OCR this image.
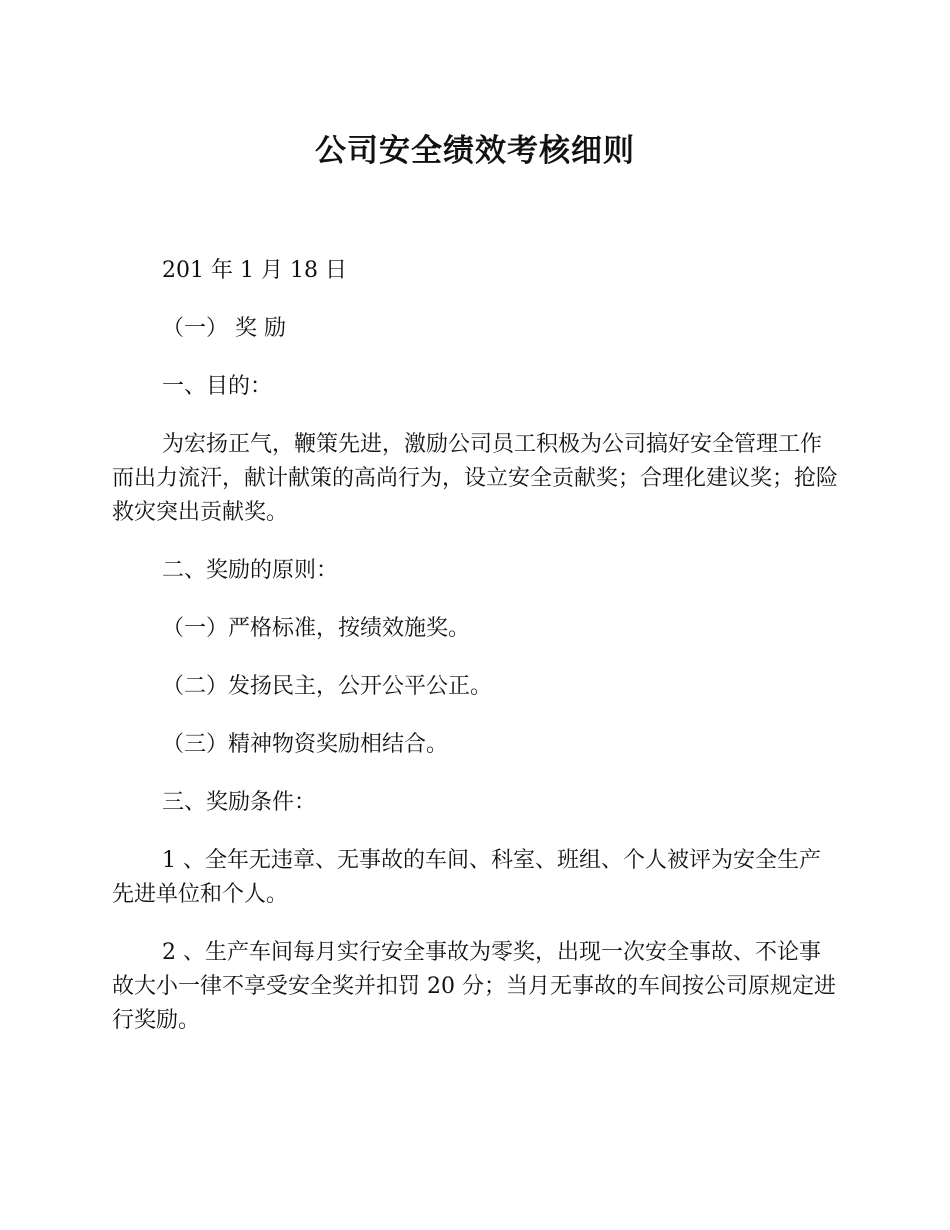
公司安全绩效考核细则

201 年 1 月 18 日

（一） 奖 励

一、目的：

为宏扬正气，鞭策先进，激励公司员工积极为公司搞好安全管理工作而出力流汗，献计献策的高尚行为，设立安全贡献奖；合理化建议奖；抢险救灾突出贡献奖。

二、奖励的原则：

（一）严格标准，按绩效施奖。

（二）发扬民主，公开公平公正。

（三）精神物资奖励相结合。

三、奖励条件：

1 、全年无违章、无事故的车间、科室、班组、个人被评为安全生产先进单位和个人。

2 、生产车间每月实行安全事故为零奖，出现一次安全事故、不论事故大小一律不享受安全奖并扣罚 20 分；当月无事故的车间按公司原规定进行奖励。
